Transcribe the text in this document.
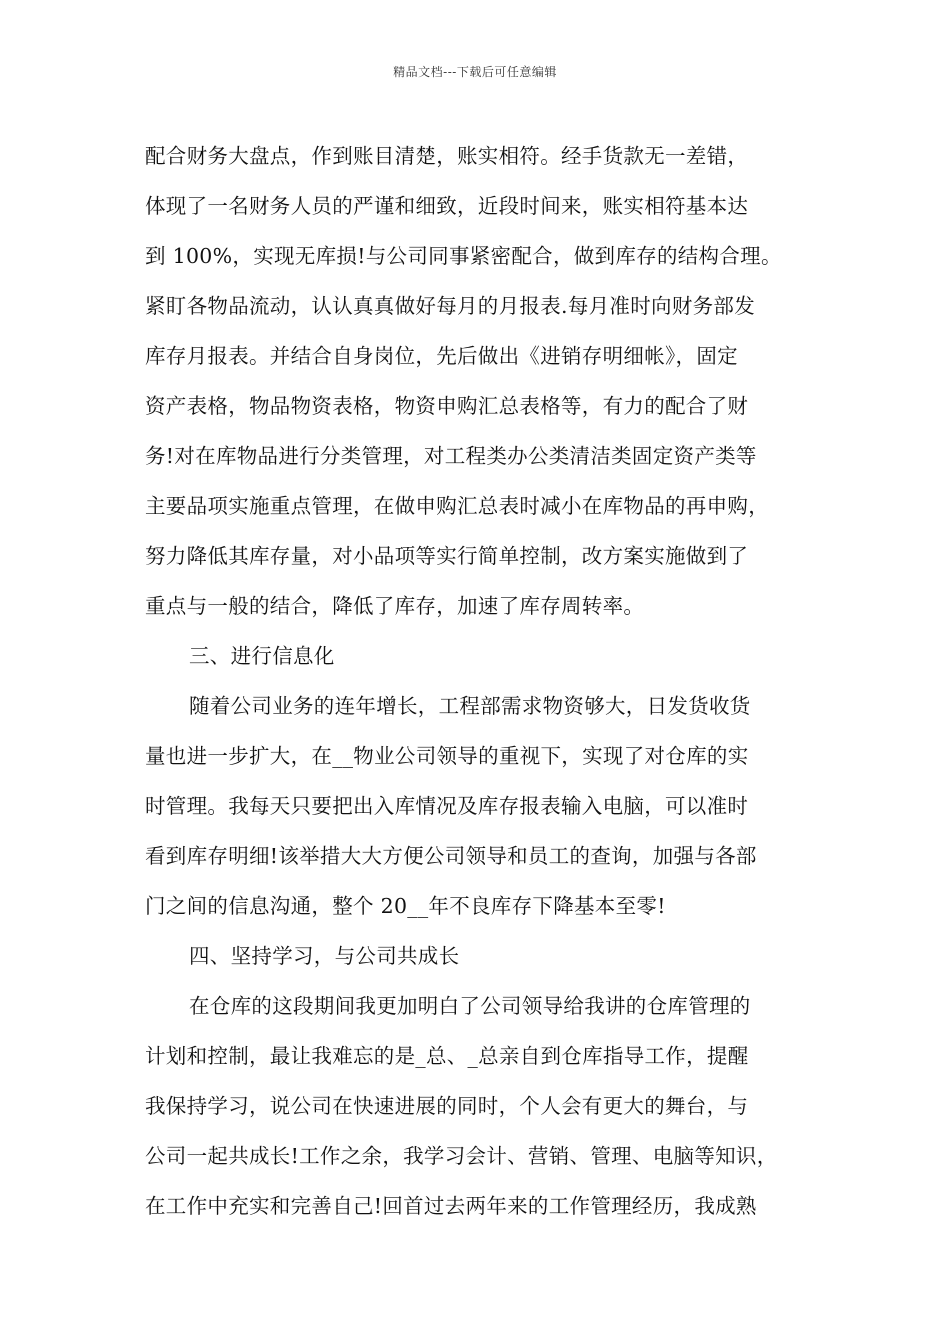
精品文档---下载后可任意编辑
配合财务大盘点，作到账目清楚，账实相符。经手货款无一差错，
体现了一名财务人员的严谨和细致，近段时间来，账实相符基本达
到 100%，实现无库损!与公司同事紧密配合，做到库存的结构合理。
紧盯各物品流动，认认真真做好每月的月报表.每月准时向财务部发
库存月报表。并结合自身岗位，先后做出《进销存明细帐》，固定
资产表格，物品物资表格，物资申购汇总表格等，有力的配合了财
务!对在库物品进行分类管理，对工程类办公类清洁类固定资产类等
主要品项实施重点管理，在做申购汇总表时减小在库物品的再申购，
努力降低其库存量，对小品项等实行简单控制，改方案实施做到了
重点与一般的结合，降低了库存，加速了库存周转率。
三、进行信息化
随着公司业务的连年增长，工程部需求物资够大，日发货收货
量也进一步扩大，在__物业公司领导的重视下，实现了对仓库的实
时管理。我每天只要把出入库情况及库存报表输入电脑，可以准时
看到库存明细!该举措大大方便公司领导和员工的查询，加强与各部
门之间的信息沟通，整个 20__年不良库存下降基本至零!
四、坚持学习，与公司共成长
在仓库的这段期间我更加明白了公司领导给我讲的仓库管理的
计划和控制，最让我难忘的是_总、_总亲自到仓库指导工作，提醒
我保持学习，说公司在快速进展的同时，个人会有更大的舞台，与
公司一起共成长!工作之余，我学习会计、营销、管理、电脑等知识，
在工作中充实和完善自己!回首过去两年来的工作管理经历，我成熟
